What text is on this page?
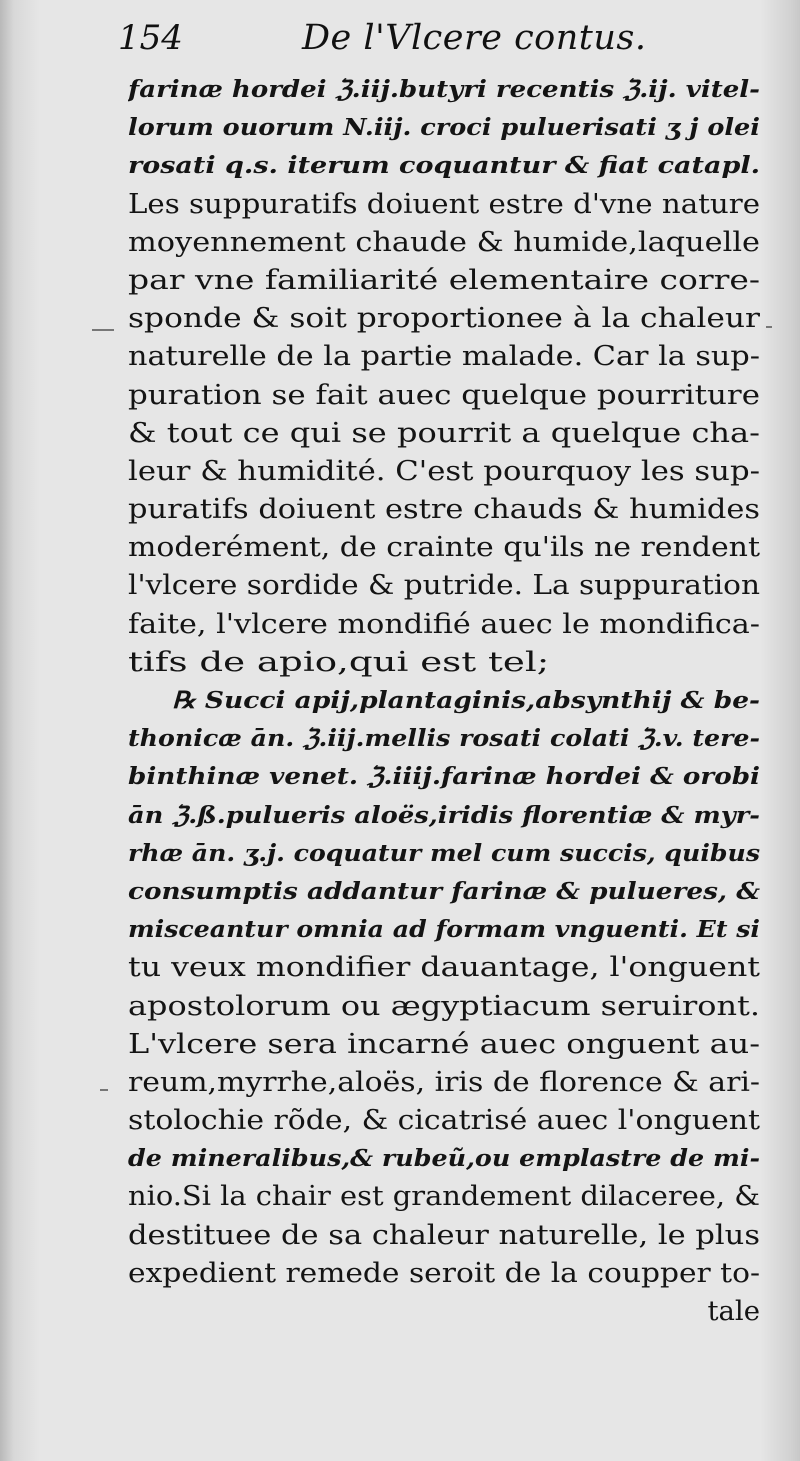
154	De l'Vlcere contus.
farinæ hordei ℨ.iij.butyri recentis ℨ.ij. vitel-
lorum ouorum N.iij. croci puluerisati ʒ j olei
rosati q.s. iterum coquantur & fiat catapl.
Les suppuratifs doiuent estre d'vne nature
moyennement chaude & humide,laquelle
par vne familiarité elementaire corre-
sponde & soit proportionee à la chaleur
naturelle de la partie malade. Car la sup-
puration se fait auec quelque pourriture
& tout ce qui se pourrit a quelque cha-
leur & humidité. C'est pourquoy les sup-
puratifs doiuent estre chauds & humides
moderément, de crainte qu'ils ne rendent
l'vlcere sordide & putride. La suppuration
faite, l'vlcere mondifié auec le mondifica-
tifs de apio,qui est tel;
℞ Succi apij,plantaginis,absynthij & be-
thonicæ ān. ℨ.iij.mellis rosati colati ℨ.v. tere-
binthinæ venet. ℨ.iiij.farinæ hordei & orobi
ān ℨ.ß.pulueris aloës,iridis florentiæ & myr-
rhæ ān. ʒ.j. coquatur mel cum succis, quibus
consumptis addantur farinæ & pulueres, &
misceantur omnia ad formam vnguenti. Et si
tu veux mondifier dauantage, l'onguent
apostolorum ou ægyptiacum seruiront.
L'vlcere sera incarné auec onguent au-
reum,myrrhe,aloës, iris de florence & ari-
stolochie rõde, & cicatrisé auec l'onguent
de mineralibus,& rubeũ,ou emplastre de mi-
nio.Si la chair est grandement dilaceree, &
destituee de sa chaleur naturelle, le plus
expedient remede seroit de la coupper to-
tale
